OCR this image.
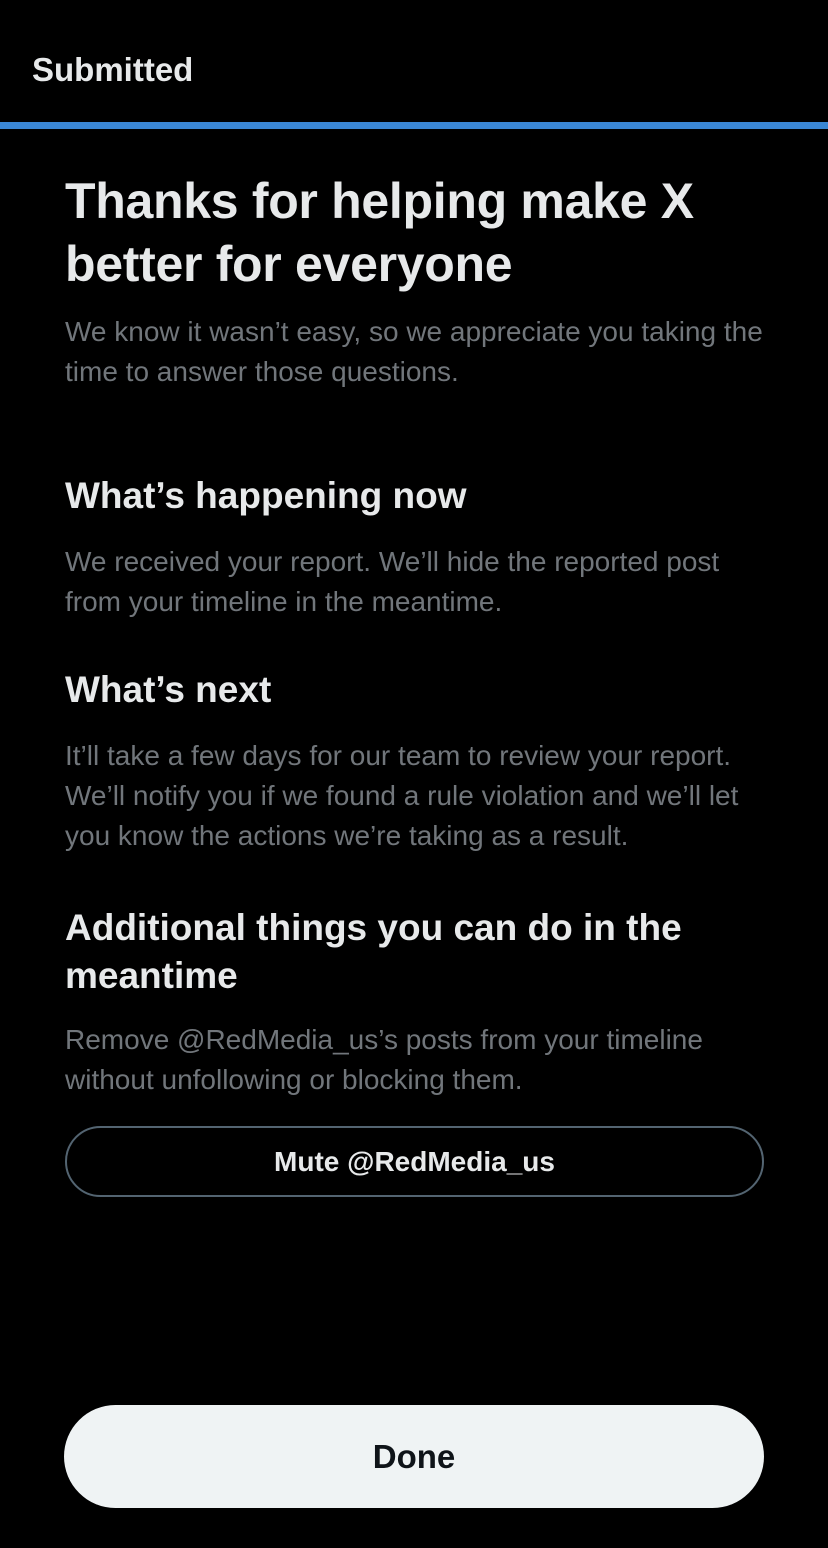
Submitted
Thanks for helping make X better for everyone

We know it wasn’t easy, so we appreciate you taking the time to answer those questions.

What’s happening now

We received your report. We’ll hide the reported post from your timeline in the meantime.

What’s next

It’ll take a few days for our team to review your report. We’ll notify you if we found a rule violation and we’ll let you know the actions we’re taking as a result.

Additional things you can do in the meantime

Remove @RedMedia_us’s posts from your timeline without unfollowing or blocking them.

Mute @RedMedia_us
Done
